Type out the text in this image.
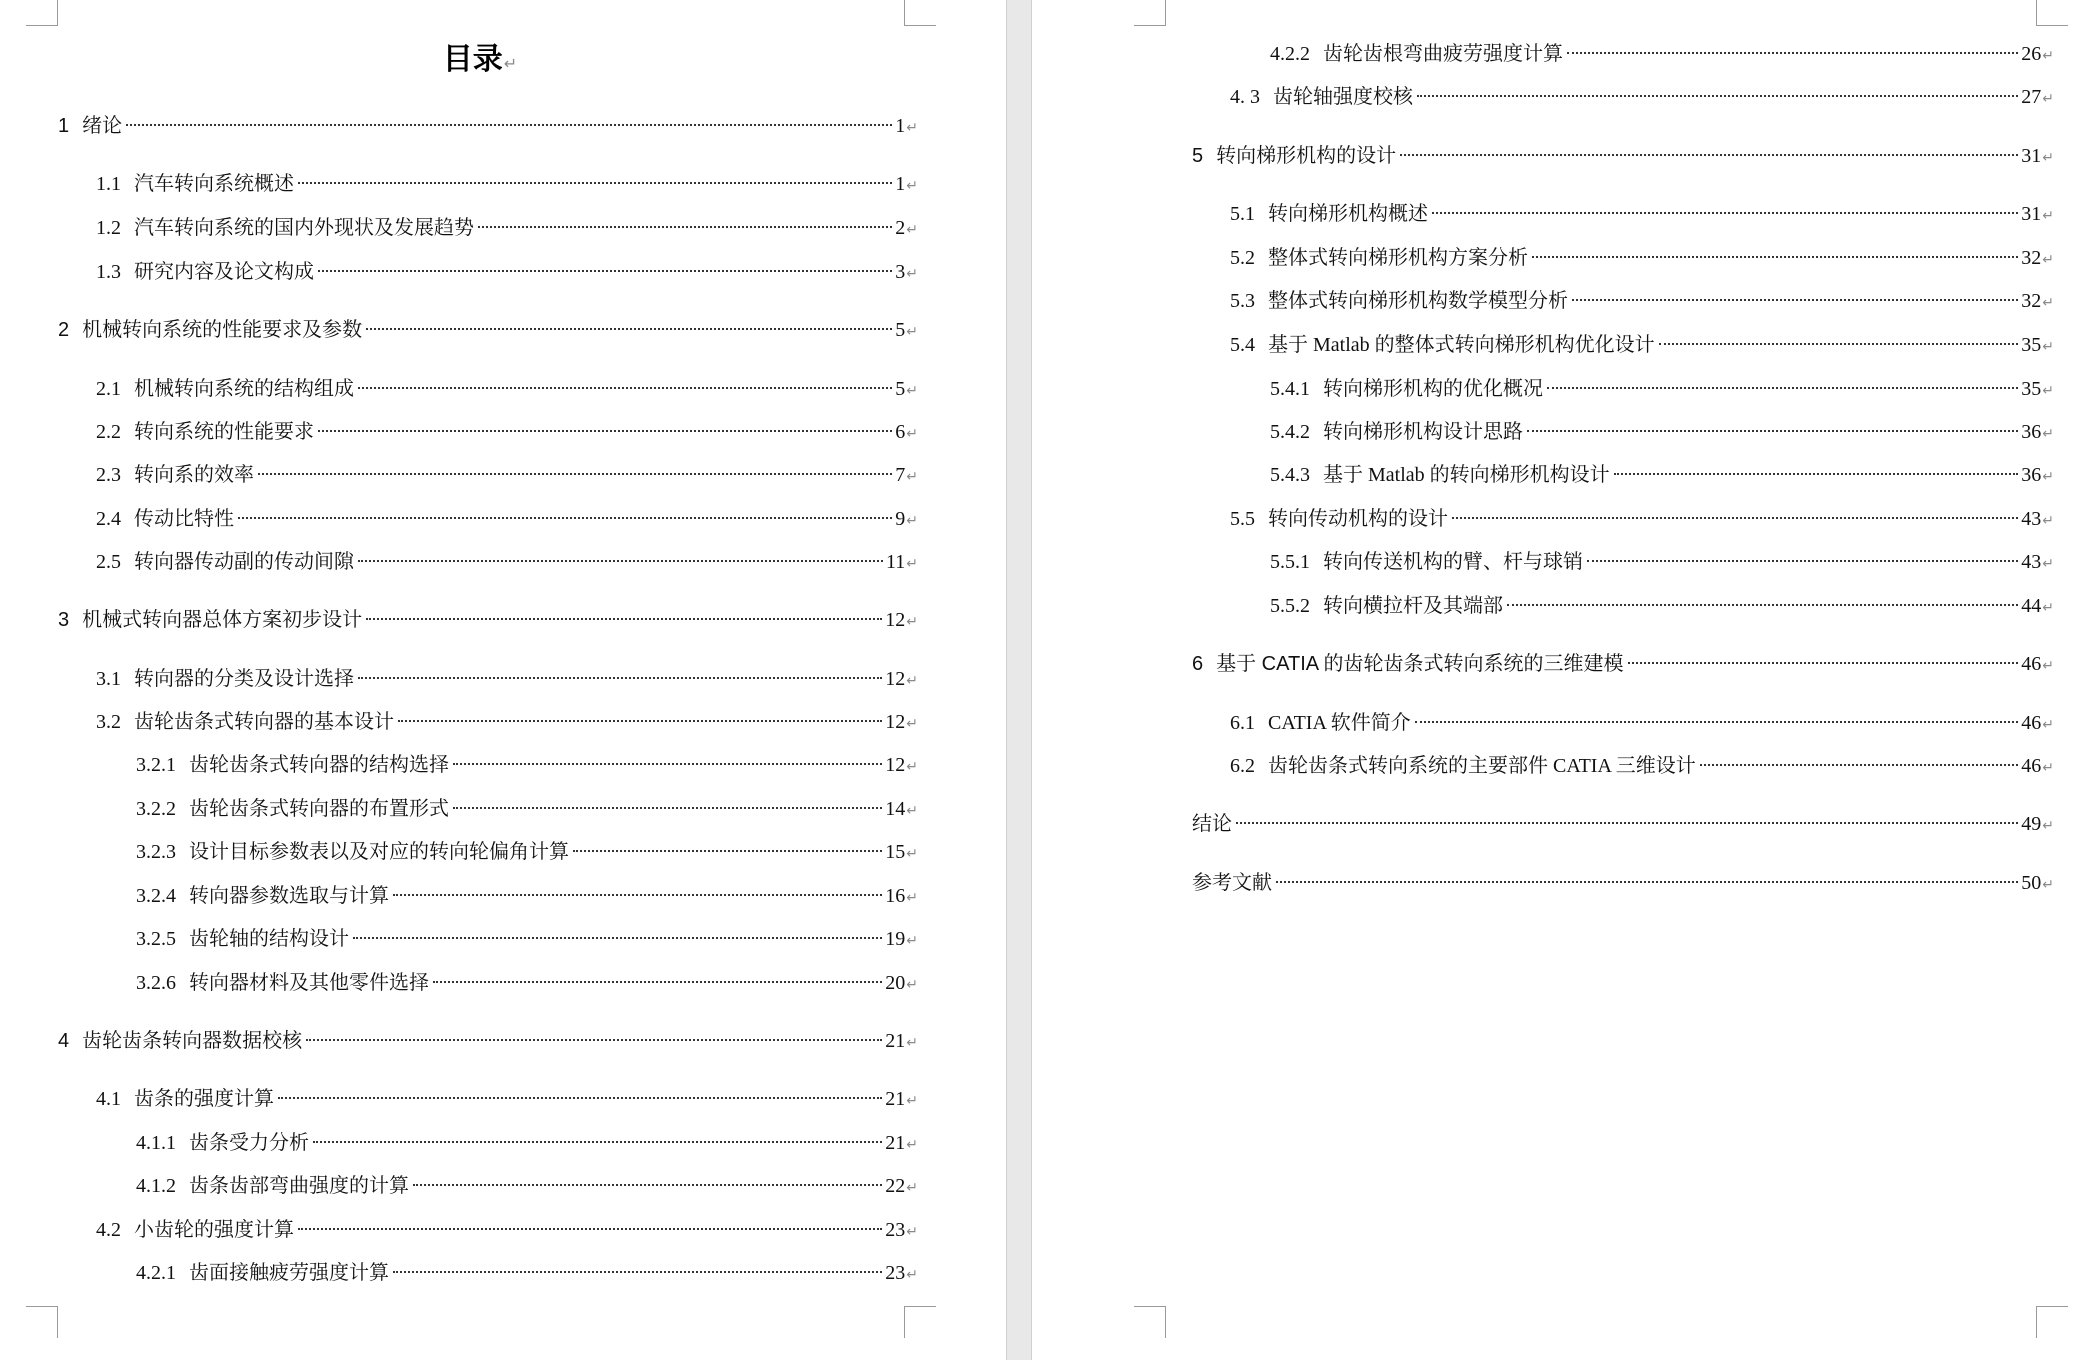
目录↵
1 绪论	1 ↵
1.1 汽车转向系统概述	1 ↵
1.2 汽车转向系统的国内外现状及发展趋势	2 ↵
1.3 研究内容及论文构成	3 ↵
2 机械转向系统的性能要求及参数	5 ↵
2.1 机械转向系统的结构组成	5 ↵
2.2 转向系统的性能要求	6 ↵
2.3 转向系的效率	7 ↵
2.4 传动比特性	9 ↵
2.5 转向器传动副的传动间隙	11 ↵
3 机械式转向器总体方案初步设计	12 ↵
3.1 转向器的分类及设计选择	12 ↵
3.2 齿轮齿条式转向器的基本设计	12 ↵
3.2.1 齿轮齿条式转向器的结构选择	12 ↵
3.2.2 齿轮齿条式转向器的布置形式	14 ↵
3.2.3 设计目标参数表以及对应的转向轮偏角计算	15 ↵
3.2.4 转向器参数选取与计算	16 ↵
3.2.5 齿轮轴的结构设计	19 ↵
3.2.6 转向器材料及其他零件选择	20 ↵
4 齿轮齿条转向器数据校核	21 ↵
4.1 齿条的强度计算	21 ↵
4.1.1 齿条受力分析	21 ↵
4.1.2 齿条齿部弯曲强度的计算	22 ↵
4.2 小齿轮的强度计算	23 ↵
4.2.1 齿面接触疲劳强度计算	23 ↵
4.2.2 齿轮齿根弯曲疲劳强度计算	26 ↵
4. 3 齿轮轴强度校核	27 ↵
5 转向梯形机构的设计	31 ↵
5.1 转向梯形机构概述	31 ↵
5.2 整体式转向梯形机构方案分析	32 ↵
5.3 整体式转向梯形机构数学模型分析	32 ↵
5.4 基于 Matlab 的整体式转向梯形机构优化设计	35 ↵
5.4.1 转向梯形机构的优化概况	35 ↵
5.4.2 转向梯形机构设计思路	36 ↵
5.4.3 基于 Matlab 的转向梯形机构设计	36 ↵
5.5 转向传动机构的设计	43 ↵
5.5.1 转向传送机构的臂、杆与球销	43 ↵
5.5.2 转向横拉杆及其端部	44 ↵
6 基于 CATIA 的齿轮齿条式转向系统的三维建模	46 ↵
6.1 CATIA 软件简介	46 ↵
6.2 齿轮齿条式转向系统的主要部件 CATIA 三维设计	46 ↵
结论	49 ↵
参考文献	50 ↵
